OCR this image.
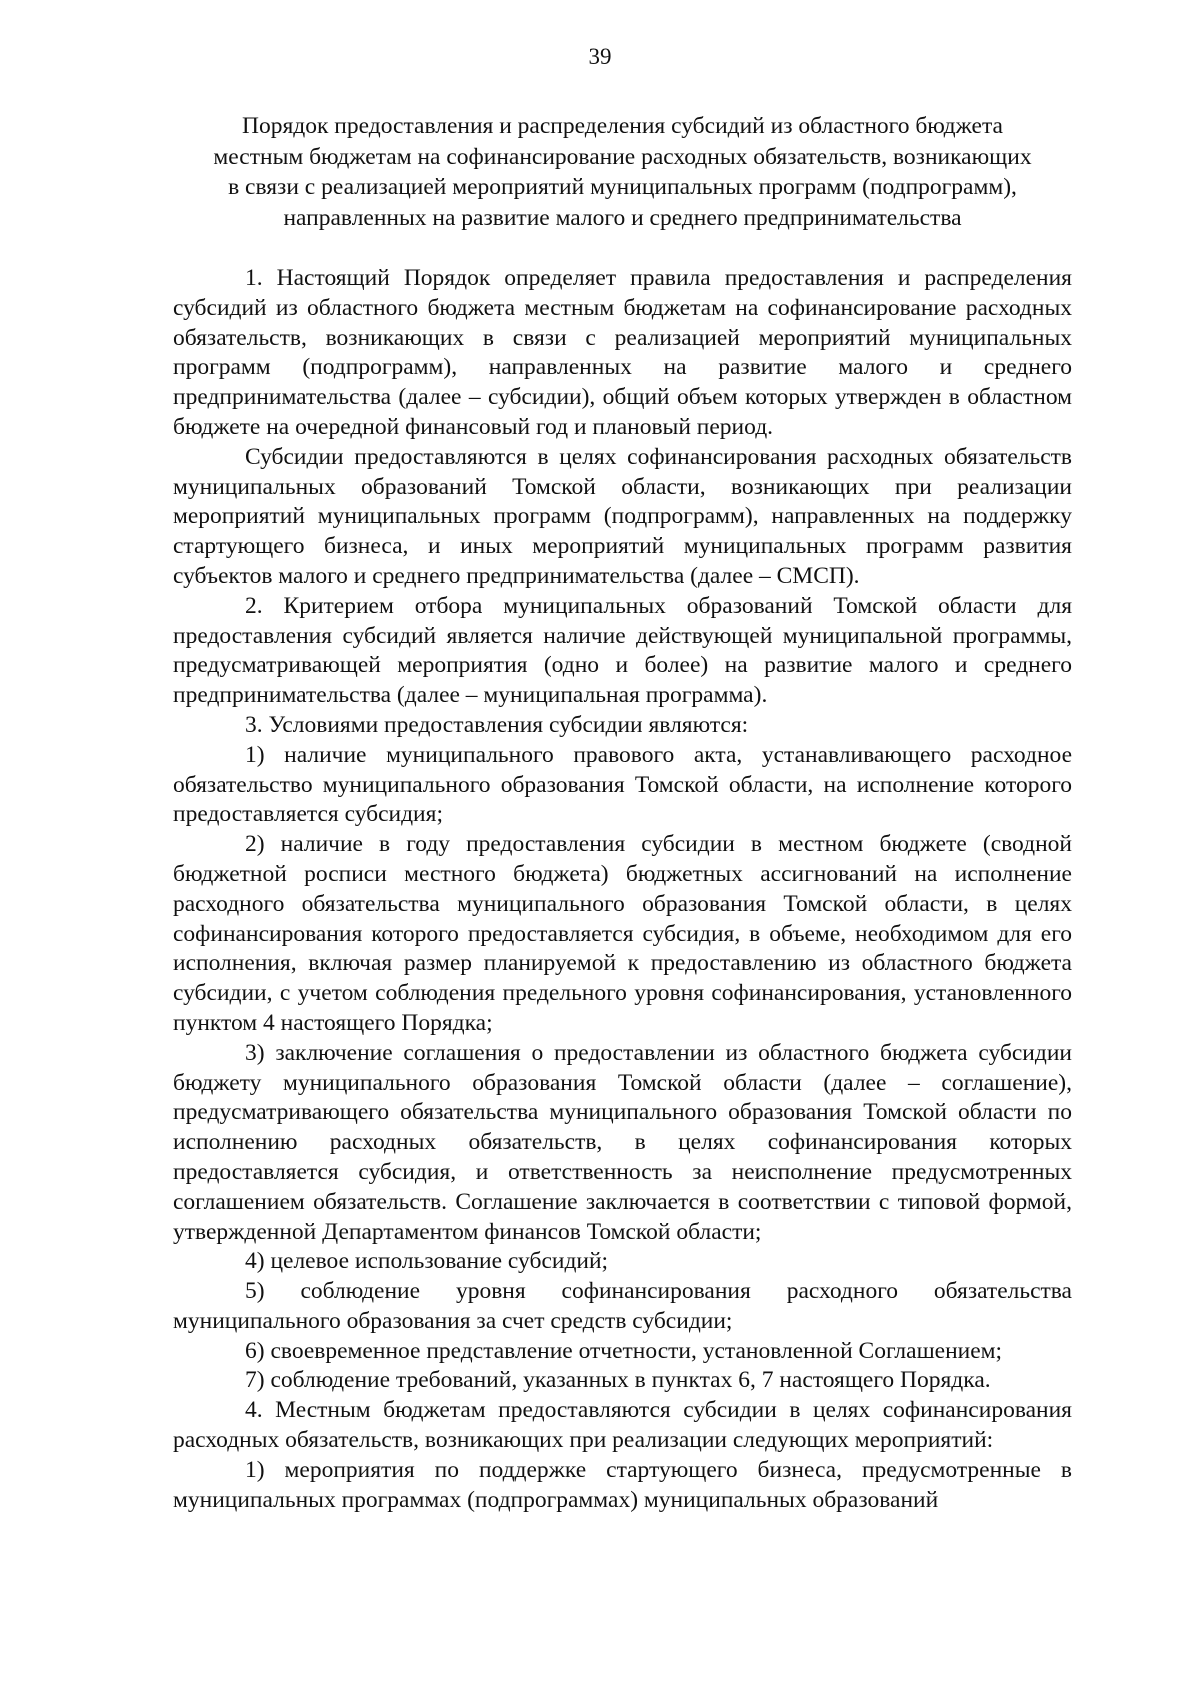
39
Порядок предоставления и распределения субсидий из областного бюджета
местным бюджетам на софинансирование расходных обязательств, возникающих
в связи с реализацией мероприятий муниципальных программ (подпрограмм),
направленных на развитие малого и среднего предпринимательства

1. Настоящий Порядок определяет правила предоставления и распределения субсидий из областного бюджета местным бюджетам на софинансирование расходных обязательств, возникающих в связи с реализацией мероприятий муниципальных программ (подпрограмм), направленных на развитие малого и среднего предпринимательства (далее – субсидии), общий объем которых утвержден в областном бюджете на очередной финансовый год и плановый период.

Субсидии предоставляются в целях софинансирования расходных обязательств муниципальных образований Томской области, возникающих при реализации мероприятий муниципальных программ (подпрограмм), направленных на поддержку стартующего бизнеса, и иных мероприятий муниципальных программ развития субъектов малого и среднего предпринимательства (далее – СМСП).

2. Критерием отбора муниципальных образований Томской области для предоставления субсидий является наличие действующей муниципальной программы, предусматривающей мероприятия (одно и более) на развитие малого и среднего предпринимательства (далее – муниципальная программа).

3. Условиями предоставления субсидии являются:

1) наличие муниципального правового акта, устанавливающего расходное обязательство муниципального образования Томской области, на исполнение которого предоставляется субсидия;

2) наличие в году предоставления субсидии в местном бюджете (сводной бюджетной росписи местного бюджета) бюджетных ассигнований на исполнение расходного обязательства муниципального образования Томской области, в целях софинансирования которого предоставляется субсидия, в объеме, необходимом для его исполнения, включая размер планируемой к предоставлению из областного бюджета субсидии, с учетом соблюдения предельного уровня софинансирования, установленного пунктом 4 настоящего Порядка;

3) заключение соглашения о предоставлении из областного бюджета субсидии бюджету муниципального образования Томской области (далее – соглашение), предусматривающего обязательства муниципального образования Томской области по исполнению расходных обязательств, в целях софинансирования которых предоставляется субсидия, и ответственность за неисполнение предусмотренных соглашением обязательств. Соглашение заключается в соответствии с типовой формой, утвержденной Департаментом финансов Томской области;

4) целевое использование субсидий;

5) соблюдение уровня софинансирования расходного обязательства муниципального образования за счет средств субсидии;

6) своевременное представление отчетности, установленной Соглашением;

7) соблюдение требований, указанных в пунктах 6, 7 настоящего Порядка.

4. Местным бюджетам предоставляются субсидии в целях софинансирования расходных обязательств, возникающих при реализации следующих мероприятий:

1) мероприятия по поддержке стартующего бизнеса, предусмотренные в муниципальных программах (подпрограммах) муниципальных образований
